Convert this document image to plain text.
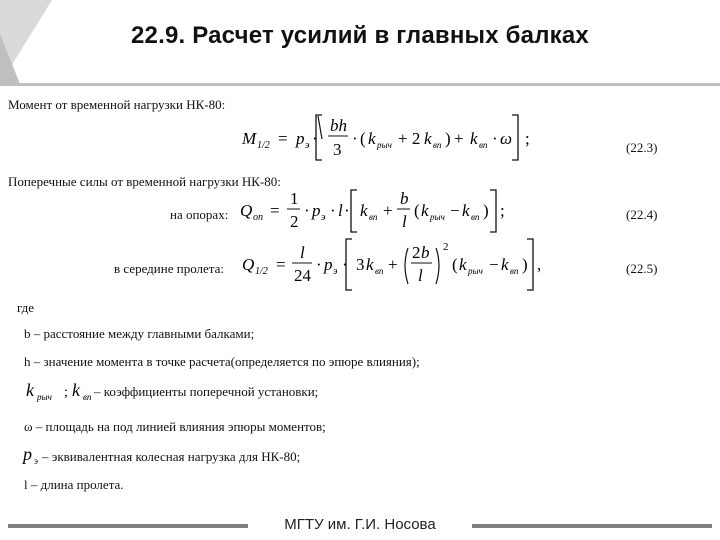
22.9. Расчет усилий в главных балках
Момент от временной нагрузки НК-80:
M 1/2 = p э ·
bh
3
· ( k рыч + 2 k вп ) + k вп · ω ;	(22.3)
Поперечные силы от временной нагрузки НК-80:
на опорах: Q оп =
1
2
· p э · l · k вп +
b
l
( k рыч − k вп ) ;	(22.4)
в середине пролета: Q 1/2 =
l
24
· p э · 3 k вп +
2 b
l
2
( k рыч − k вп ) ,	(22.5)
где
b – расстояние между главными балками;
h – значение момента в точке расчета(определяется по эпюре влияния);
k рыч ; k вп – коэффициенты поперечной установки;
ω – площадь на под линией влияния эпюры моментов;
p э – эквивалентная колесная нагрузка для НК-80;
l – длина пролета.
МГТУ им. Г.И. Носова
